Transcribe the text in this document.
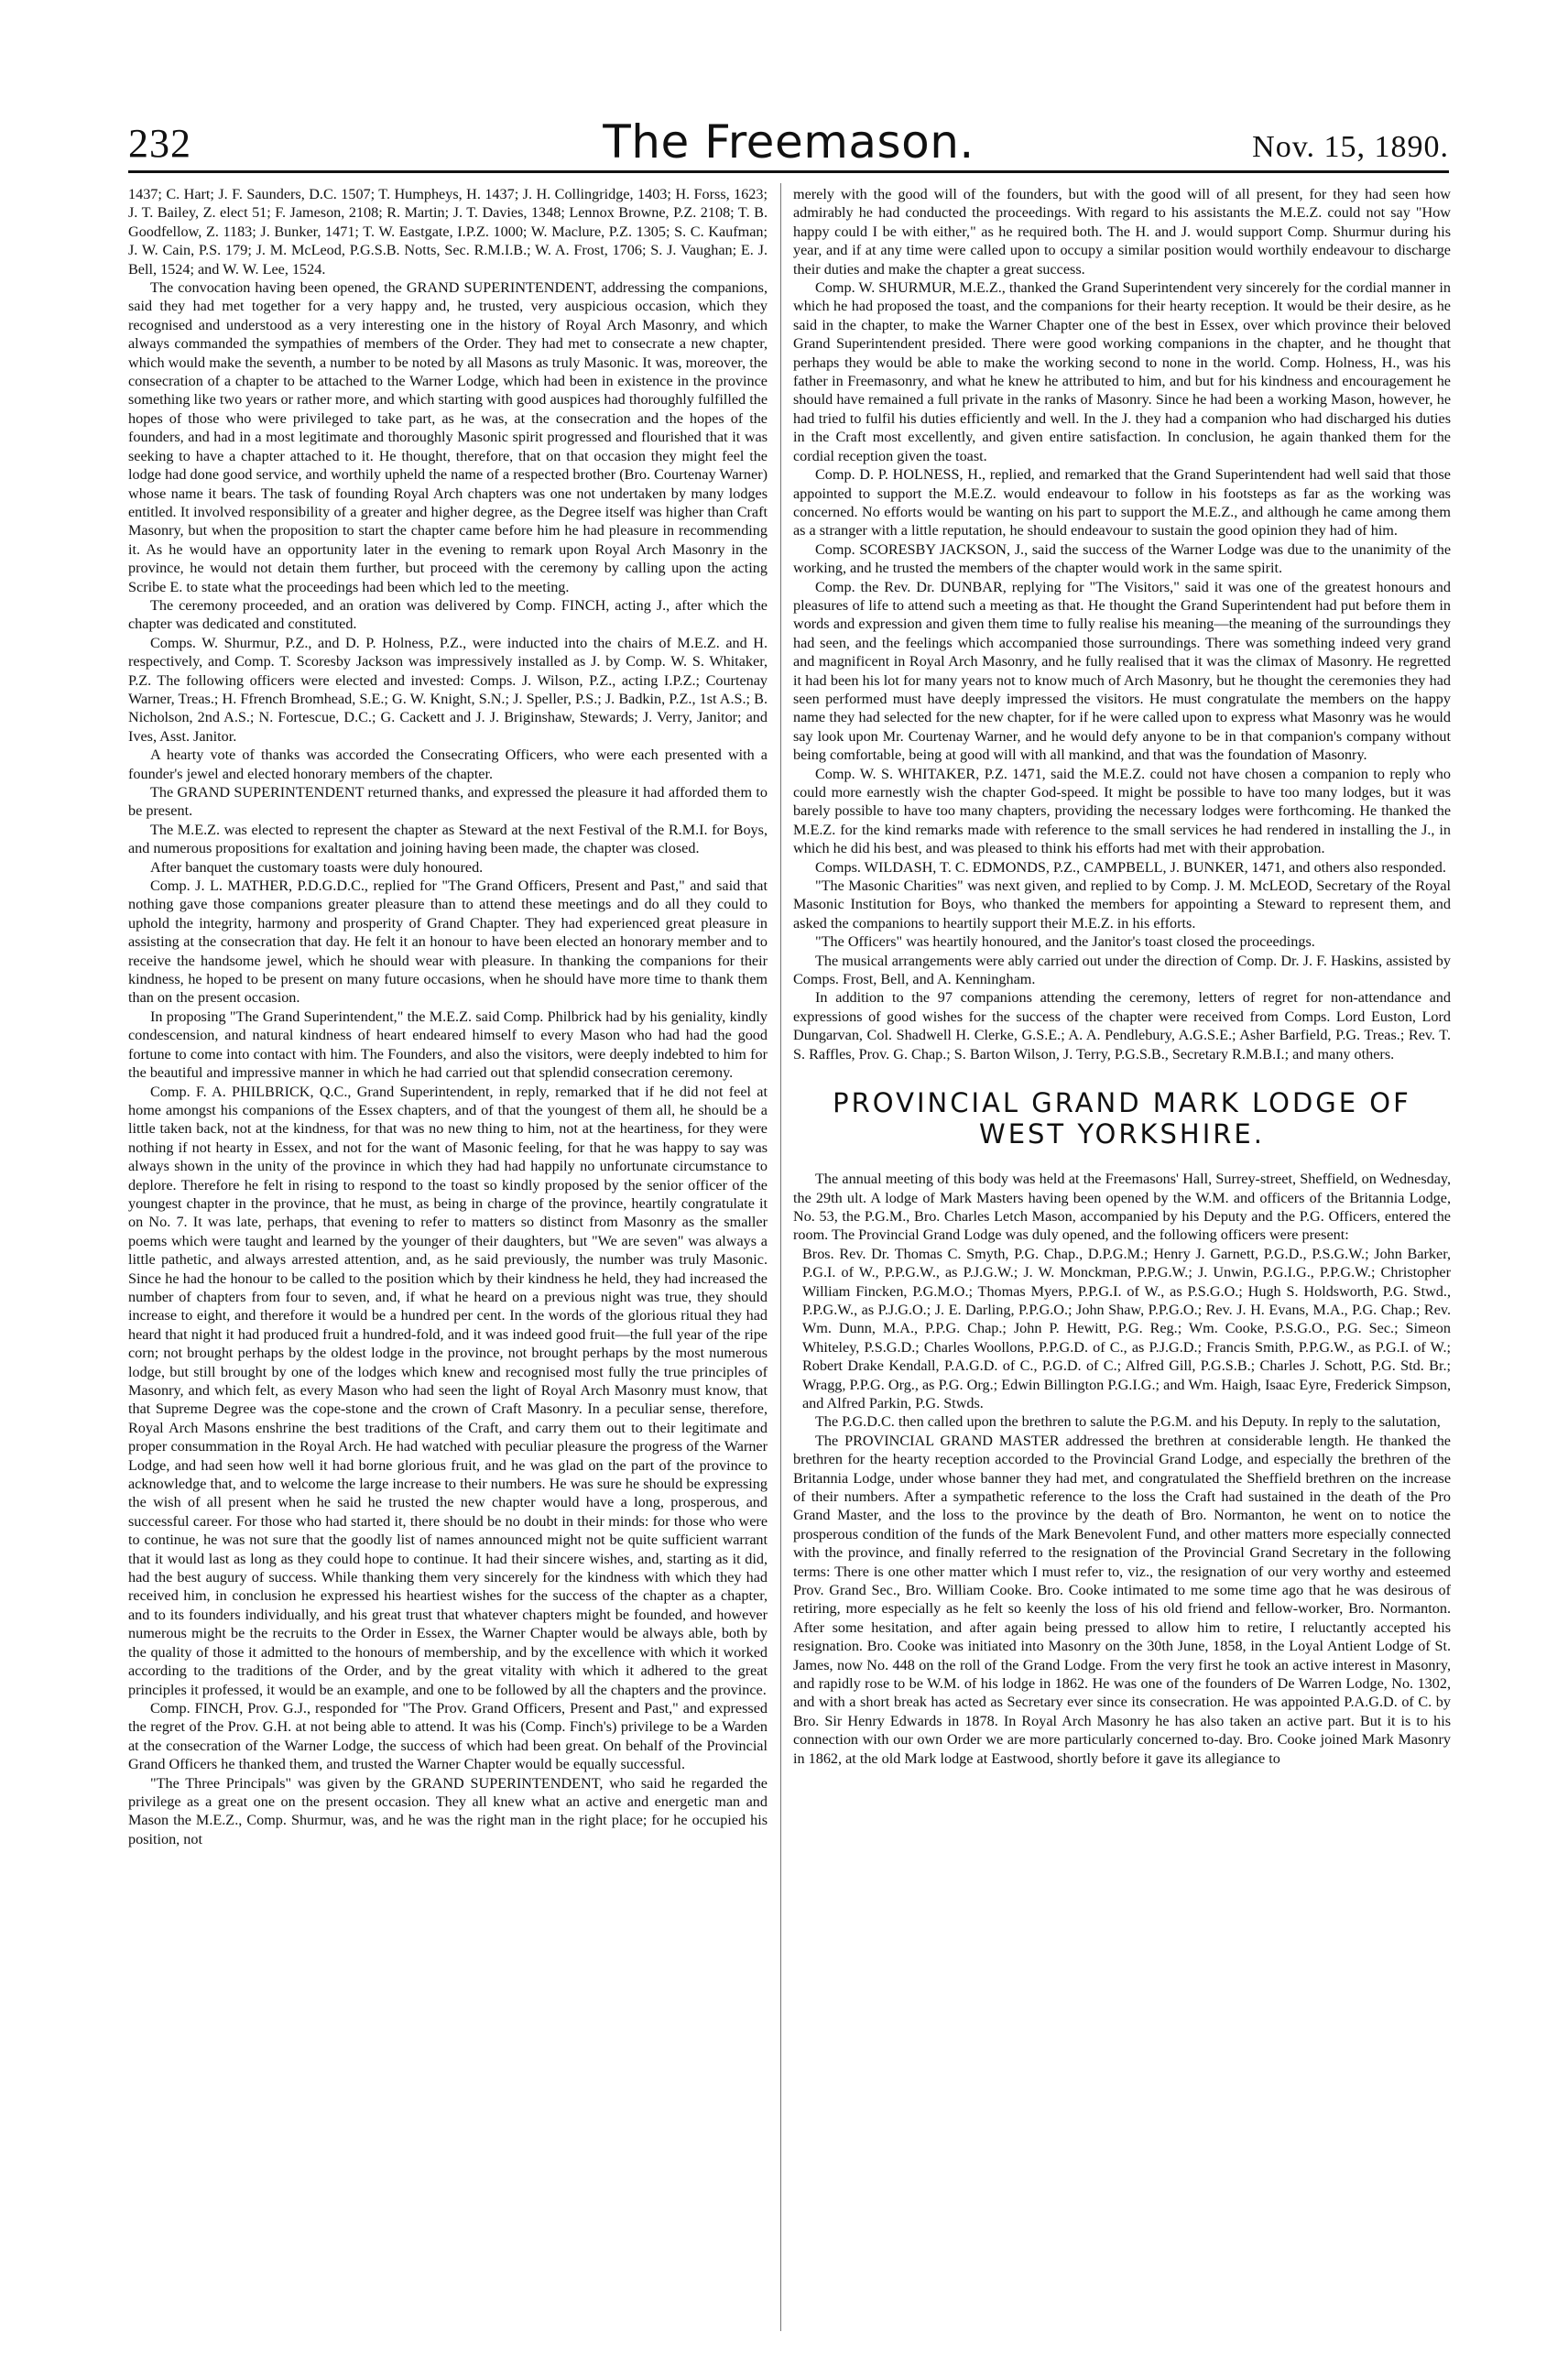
232	The Freemason.	Nov. 15, 1890.

1437; C. Hart; J. F. Saunders, D.C. 1507; T. Humpheys, H. 1437; J. H. Collingridge, 1403; H. Forss, 1623; J. T. Bailey, Z. elect 51; F. Jameson, 2108; R. Martin; J. T. Davies, 1348; Lennox Browne, P.Z. 2108; T. B. Goodfellow, Z. 1183; J. Bunker, 1471; T. W. Eastgate, I.P.Z. 1000; W. Maclure, P.Z. 1305; S. C. Kaufman; J. W. Cain, P.S. 179; J. M. McLeod, P.G.S.B. Notts, Sec. R.M.I.B.; W. A. Frost, 1706; S. J. Vaughan; E. J. Bell, 1524; and W. W. Lee, 1524.

The convocation having been opened, the GRAND SUPERINTENDENT, addressing the companions, said they had met together for a very happy and, he trusted, very auspicious occasion, which they recognised and understood as a very interesting one in the history of Royal Arch Masonry, and which always commanded the sympathies of members of the Order. They had met to consecrate a new chapter, which would make the seventh, a number to be noted by all Masons as truly Masonic. It was, moreover, the consecration of a chapter to be attached to the Warner Lodge, which had been in existence in the province something like two years or rather more, and which starting with good auspices had thoroughly fulfilled the hopes of those who were privileged to take part, as he was, at the consecration and the hopes of the founders, and had in a most legitimate and thoroughly Masonic spirit progressed and flourished that it was seeking to have a chapter attached to it. He thought, therefore, that on that occasion they might feel the lodge had done good service, and worthily upheld the name of a respected brother (Bro. Courtenay Warner) whose name it bears. The task of founding Royal Arch chapters was one not undertaken by many lodges entitled. It involved responsibility of a greater and higher degree, as the Degree itself was higher than Craft Masonry, but when the proposition to start the chapter came before him he had pleasure in recommending it. As he would have an opportunity later in the evening to remark upon Royal Arch Masonry in the province, he would not detain them further, but proceed with the ceremony by calling upon the acting Scribe E. to state what the proceedings had been which led to the meeting.

The ceremony proceeded, and an oration was delivered by Comp. FINCH, acting J., after which the chapter was dedicated and constituted.

Comps. W. Shurmur, P.Z., and D. P. Holness, P.Z., were inducted into the chairs of M.E.Z. and H. respectively, and Comp. T. Scoresby Jackson was impressively installed as J. by Comp. W. S. Whitaker, P.Z. The following officers were elected and invested: Comps. J. Wilson, P.Z., acting I.P.Z.; Courtenay Warner, Treas.; H. Ffrench Bromhead, S.E.; G. W. Knight, S.N.; J. Speller, P.S.; J. Badkin, P.Z., 1st A.S.; B. Nicholson, 2nd A.S.; N. Fortescue, D.C.; G. Cackett and J. J. Briginshaw, Stewards; J. Verry, Janitor; and Ives, Asst. Janitor.

A hearty vote of thanks was accorded the Consecrating Officers, who were each presented with a founder's jewel and elected honorary members of the chapter.

The GRAND SUPERINTENDENT returned thanks, and expressed the pleasure it had afforded them to be present.

The M.E.Z. was elected to represent the chapter as Steward at the next Festival of the R.M.I. for Boys, and numerous propositions for exaltation and joining having been made, the chapter was closed.

After banquet the customary toasts were duly honoured.

Comp. J. L. MATHER, P.D.G.D.C., replied for "The Grand Officers, Present and Past," and said that nothing gave those companions greater pleasure than to attend these meetings and do all they could to uphold the integrity, harmony and prosperity of Grand Chapter. They had experienced great pleasure in assisting at the consecration that day. He felt it an honour to have been elected an honorary member and to receive the handsome jewel, which he should wear with pleasure. In thanking the companions for their kindness, he hoped to be present on many future occasions, when he should have more time to thank them than on the present occasion.

In proposing "The Grand Superintendent," the M.E.Z. said Comp. Philbrick had by his geniality, kindly condescension, and natural kindness of heart endeared himself to every Mason who had had the good fortune to come into contact with him. The Founders, and also the visitors, were deeply indebted to him for the beautiful and impressive manner in which he had carried out that splendid consecration ceremony.

Comp. F. A. PHILBRICK, Q.C., Grand Superintendent, in reply, remarked that if he did not feel at home amongst his companions of the Essex chapters, and of that the youngest of them all, he should be a little taken back, not at the kindness, for that was no new thing to him, not at the heartiness, for they were nothing if not hearty in Essex, and not for the want of Masonic feeling, for that he was happy to say was always shown in the unity of the province in which they had had happily no unfortunate circumstance to deplore. Therefore he felt in rising to respond to the toast so kindly proposed by the senior officer of the youngest chapter in the province, that he must, as being in charge of the province, heartily congratulate it on No. 7. It was late, perhaps, that evening to refer to matters so distinct from Masonry as the smaller poems which were taught and learned by the younger of their daughters, but "We are seven" was always a little pathetic, and always arrested attention, and, as he said previously, the number was truly Masonic. Since he had the honour to be called to the position which by their kindness he held, they had increased the number of chapters from four to seven, and, if what he heard on a previous night was true, they should increase to eight, and therefore it would be a hundred per cent. In the words of the glorious ritual they had heard that night it had produced fruit a hundred-fold, and it was indeed good fruit—the full year of the ripe corn; not brought perhaps by the oldest lodge in the province, not brought perhaps by the most numerous lodge, but still brought by one of the lodges which knew and recognised most fully the true principles of Masonry, and which felt, as every Mason who had seen the light of Royal Arch Masonry must know, that that Supreme Degree was the cope-stone and the crown of Craft Masonry. In a peculiar sense, therefore, Royal Arch Masons enshrine the best traditions of the Craft, and carry them out to their legitimate and proper consummation in the Royal Arch. He had watched with peculiar pleasure the progress of the Warner Lodge, and had seen how well it had borne glorious fruit, and he was glad on the part of the province to acknowledge that, and to welcome the large increase to their numbers. He was sure he should be expressing the wish of all present when he said he trusted the new chapter would have a long, prosperous, and successful career. For those who had started it, there should be no doubt in their minds: for those who were to continue, he was not sure that the goodly list of names announced might not be quite sufficient warrant that it would last as long as they could hope to continue. It had their sincere wishes, and, starting as it did, had the best augury of success. While thanking them very sincerely for the kindness with which they had received him, in conclusion he expressed his heartiest wishes for the success of the chapter as a chapter, and to its founders individually, and his great trust that whatever chapters might be founded, and however numerous might be the recruits to the Order in Essex, the Warner Chapter would be always able, both by the quality of those it admitted to the honours of membership, and by the excellence with which it worked according to the traditions of the Order, and by the great vitality with which it adhered to the great principles it professed, it would be an example, and one to be followed by all the chapters and the province.

Comp. FINCH, Prov. G.J., responded for "The Prov. Grand Officers, Present and Past," and expressed the regret of the Prov. G.H. at not being able to attend. It was his (Comp. Finch's) privilege to be a Warden at the consecration of the Warner Lodge, the success of which had been great. On behalf of the Provincial Grand Officers he thanked them, and trusted the Warner Chapter would be equally successful.

"The Three Principals" was given by the GRAND SUPERINTENDENT, who said he regarded the privilege as a great one on the present occasion. They all knew what an active and energetic man and Mason the M.E.Z., Comp. Shurmur, was, and he was the right man in the right place; for he occupied his position, not

merely with the good will of the founders, but with the good will of all present, for they had seen how admirably he had conducted the proceedings. With regard to his assistants the M.E.Z. could not say "How happy could I be with either," as he required both. The H. and J. would support Comp. Shurmur during his year, and if at any time were called upon to occupy a similar position would worthily endeavour to discharge their duties and make the chapter a great success.

Comp. W. SHURMUR, M.E.Z., thanked the Grand Superintendent very sincerely for the cordial manner in which he had proposed the toast, and the companions for their hearty reception. It would be their desire, as he said in the chapter, to make the Warner Chapter one of the best in Essex, over which province their beloved Grand Superintendent presided. There were good working companions in the chapter, and he thought that perhaps they would be able to make the working second to none in the world. Comp. Holness, H., was his father in Freemasonry, and what he knew he attributed to him, and but for his kindness and encouragement he should have remained a full private in the ranks of Masonry. Since he had been a working Mason, however, he had tried to fulfil his duties efficiently and well. In the J. they had a companion who had discharged his duties in the Craft most excellently, and given entire satisfaction. In conclusion, he again thanked them for the cordial reception given the toast.

Comp. D. P. HOLNESS, H., replied, and remarked that the Grand Superintendent had well said that those appointed to support the M.E.Z. would endeavour to follow in his footsteps as far as the working was concerned. No efforts would be wanting on his part to support the M.E.Z., and although he came among them as a stranger with a little reputation, he should endeavour to sustain the good opinion they had of him.

Comp. SCORESBY JACKSON, J., said the success of the Warner Lodge was due to the unanimity of the working, and he trusted the members of the chapter would work in the same spirit.

Comp. the Rev. Dr. DUNBAR, replying for "The Visitors," said it was one of the greatest honours and pleasures of life to attend such a meeting as that. He thought the Grand Superintendent had put before them in words and expression and given them time to fully realise his meaning—the meaning of the surroundings they had seen, and the feelings which accompanied those surroundings. There was something indeed very grand and magnificent in Royal Arch Masonry, and he fully realised that it was the climax of Masonry. He regretted it had been his lot for many years not to know much of Arch Masonry, but he thought the ceremonies they had seen performed must have deeply impressed the visitors. He must congratulate the members on the happy name they had selected for the new chapter, for if he were called upon to express what Masonry was he would say look upon Mr. Courtenay Warner, and he would defy anyone to be in that companion's company without being comfortable, being at good will with all mankind, and that was the foundation of Masonry.

Comp. W. S. WHITAKER, P.Z. 1471, said the M.E.Z. could not have chosen a companion to reply who could more earnestly wish the chapter God-speed. It might be possible to have too many lodges, but it was barely possible to have too many chapters, providing the necessary lodges were forthcoming. He thanked the M.E.Z. for the kind remarks made with reference to the small services he had rendered in installing the J., in which he did his best, and was pleased to think his efforts had met with their approbation.

Comps. WILDASH, T. C. EDMONDS, P.Z., CAMPBELL, J. BUNKER, 1471, and others also responded.

"The Masonic Charities" was next given, and replied to by Comp. J. M. McLEOD, Secretary of the Royal Masonic Institution for Boys, who thanked the members for appointing a Steward to represent them, and asked the companions to heartily support their M.E.Z. in his efforts.

"The Officers" was heartily honoured, and the Janitor's toast closed the proceedings.

The musical arrangements were ably carried out under the direction of Comp. Dr. J. F. Haskins, assisted by Comps. Frost, Bell, and A. Kenningham.

In addition to the 97 companions attending the ceremony, letters of regret for non-attendance and expressions of good wishes for the success of the chapter were received from Comps. Lord Euston, Lord Dungarvan, Col. Shadwell H. Clerke, G.S.E.; A. A. Pendlebury, A.G.S.E.; Asher Barfield, P.G. Treas.; Rev. T. S. Raffles, Prov. G. Chap.; S. Barton Wilson, J. Terry, P.G.S.B., Secretary R.M.B.I.; and many others.

PROVINCIAL GRAND MARK LODGE OF
WEST YORKSHIRE.

The annual meeting of this body was held at the Freemasons' Hall, Surrey-street, Sheffield, on Wednesday, the 29th ult. A lodge of Mark Masters having been opened by the W.M. and officers of the Britannia Lodge, No. 53, the P.G.M., Bro. Charles Letch Mason, accompanied by his Deputy and the P.G. Officers, entered the room. The Provincial Grand Lodge was duly opened, and the following officers were present:

Bros. Rev. Dr. Thomas C. Smyth, P.G. Chap., D.P.G.M.; Henry J. Garnett, P.G.D., P.S.G.W.; John Barker, P.G.I. of W., P.P.G.W., as P.J.G.W.; J. W. Monckman, P.P.G.W.; J. Unwin, P.G.I.G., P.P.G.W.; Christopher William Fincken, P.G.M.O.; Thomas Myers, P.P.G.I. of W., as P.S.G.O.; Hugh S. Holdsworth, P.G. Stwd., P.P.G.W., as P.J.G.O.; J. E. Darling, P.P.G.O.; John Shaw, P.P.G.O.; Rev. J. H. Evans, M.A., P.G. Chap.; Rev. Wm. Dunn, M.A., P.P.G. Chap.; John P. Hewitt, P.G. Reg.; Wm. Cooke, P.S.G.O., P.G. Sec.; Simeon Whiteley, P.S.G.D.; Charles Woollons, P.P.G.D. of C., as P.J.G.D.; Francis Smith, P.P.G.W., as P.G.I. of W.; Robert Drake Kendall, P.A.G.D. of C., P.G.D. of C.; Alfred Gill, P.G.S.B.; Charles J. Schott, P.G. Std. Br.; Wragg, P.P.G. Org., as P.G. Org.; Edwin Billington P.G.I.G.; and Wm. Haigh, Isaac Eyre, Frederick Simpson, and Alfred Parkin, P.G. Stwds.

The P.G.D.C. then called upon the brethren to salute the P.G.M. and his Deputy. In reply to the salutation,

The PROVINCIAL GRAND MASTER addressed the brethren at considerable length. He thanked the brethren for the hearty reception accorded to the Provincial Grand Lodge, and especially the brethren of the Britannia Lodge, under whose banner they had met, and congratulated the Sheffield brethren on the increase of their numbers. After a sympathetic reference to the loss the Craft had sustained in the death of the Pro Grand Master, and the loss to the province by the death of Bro. Normanton, he went on to notice the prosperous condition of the funds of the Mark Benevolent Fund, and other matters more especially connected with the province, and finally referred to the resignation of the Provincial Grand Secretary in the following terms: There is one other matter which I must refer to, viz., the resignation of our very worthy and esteemed Prov. Grand Sec., Bro. William Cooke. Bro. Cooke intimated to me some time ago that he was desirous of retiring, more especially as he felt so keenly the loss of his old friend and fellow-worker, Bro. Normanton. After some hesitation, and after again being pressed to allow him to retire, I reluctantly accepted his resignation. Bro. Cooke was initiated into Masonry on the 30th June, 1858, in the Loyal Antient Lodge of St. James, now No. 448 on the roll of the Grand Lodge. From the very first he took an active interest in Masonry, and rapidly rose to be W.M. of his lodge in 1862. He was one of the founders of De Warren Lodge, No. 1302, and with a short break has acted as Secretary ever since its consecration. He was appointed P.A.G.D. of C. by Bro. Sir Henry Edwards in 1878. In Royal Arch Masonry he has also taken an active part. But it is to his connection with our own Order we are more particularly concerned to-day. Bro. Cooke joined Mark Masonry in 1862, at the old Mark lodge at Eastwood, shortly before it gave its allegiance to
